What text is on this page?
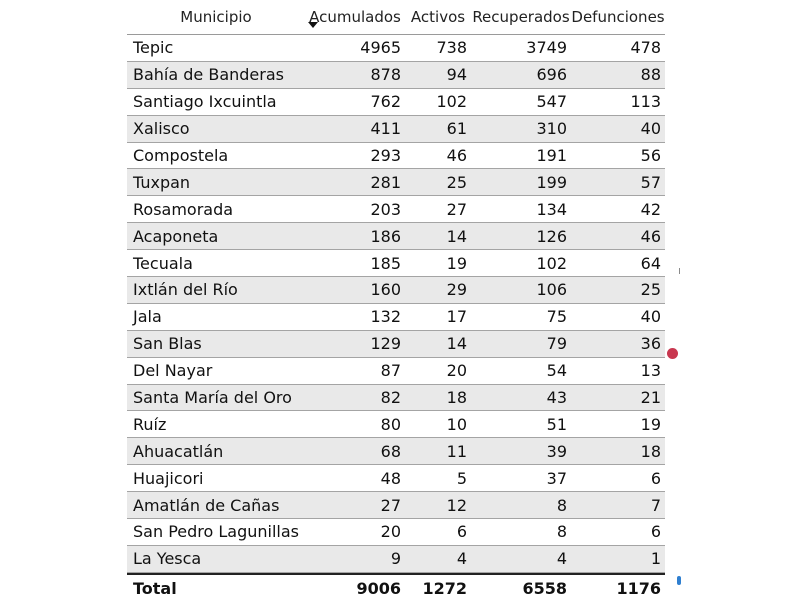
Municipio	Acumulados Activos Recuperados Defunciones
Tepic	4965	738	3749	478
Bahía de Banderas	878	94	696	88
Santiago Ixcuintla	762	102	547	113
Xalisco	411	61	310	40
Compostela	293	46	191	56
Tuxpan	281	25	199	57
Rosamorada	203	27	134	42
Acaponeta	186	14	126	46
Tecuala	185	19	102	64
Ixtlán del Río	160	29	106	25
Jala	132	17	75	40
San Blas	129	14	79	36
Del Nayar	87	20	54	13
Santa María del Oro	82	18	43	21
Ruíz	80	10	51	19
Ahuacatlán	68	11	39	18
Huajicori	48	5	37	6
Amatlán de Cañas	27	12	8	7
San Pedro Lagunillas	20	6	8	6
La Yesca	9	4	4	1
Total	9006	1272	6558	1176
